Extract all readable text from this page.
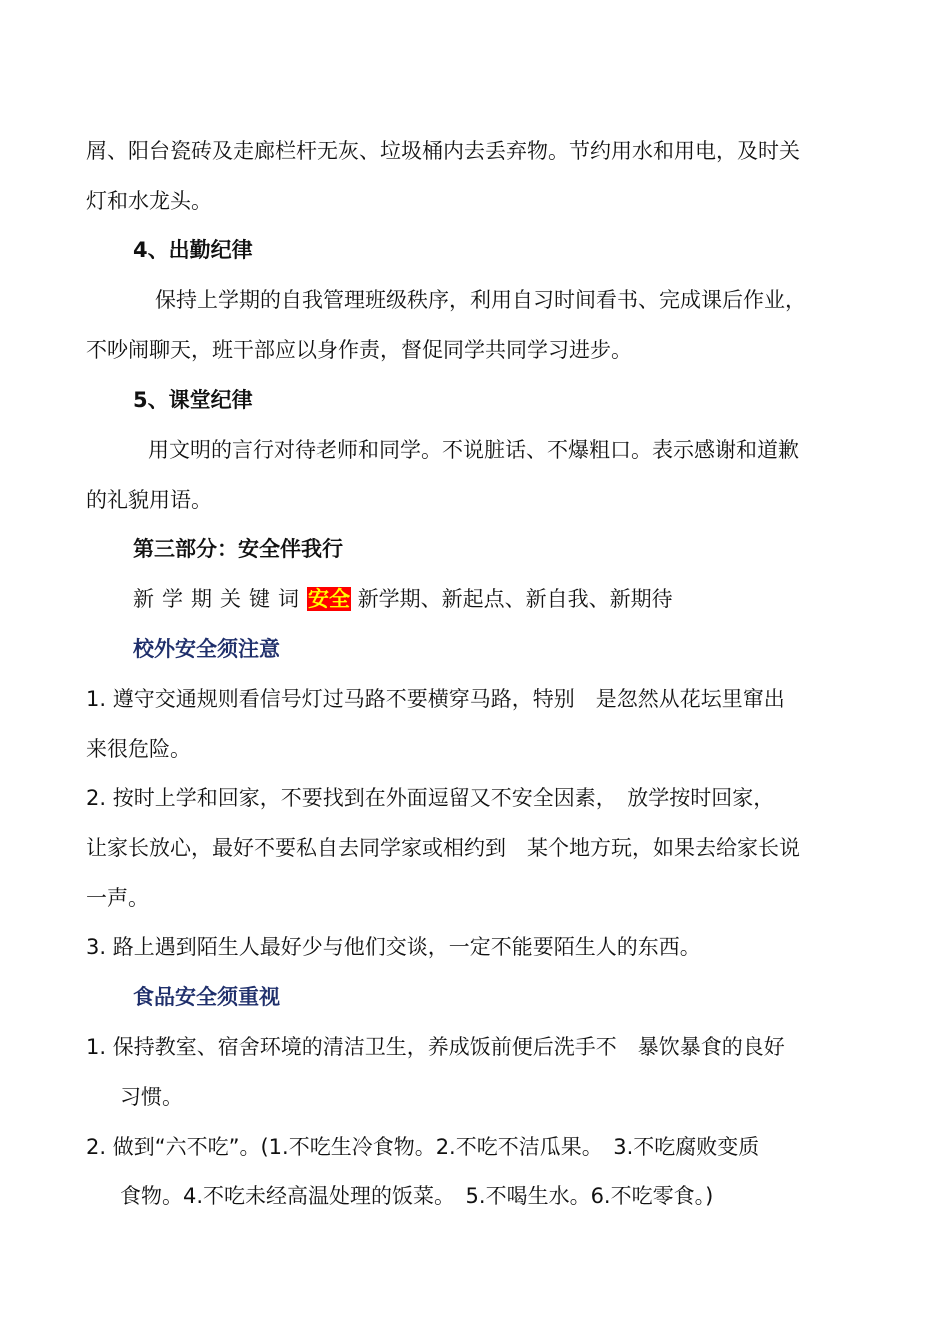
屑、阳台瓷砖及走廊栏杆无灰、垃圾桶内去丢弃物。节约用水和用电，及时关
灯和水龙头。
4、出勤纪律
保持上学期的自我管理班级秩序，利用自习时间看书、完成课后作业，
不吵闹聊天，班干部应以身作责，督促同学共同学习进步。
5、课堂纪律
用文明的言行对待老师和同学。不说脏话、不爆粗口。表示感谢和道歉
的礼貌用语。
第三部分：安全伴我行
新学期关键词安全 新学期、新起点、新自我、新期待
校外安全须注意
1. 遵守交通规则看信号灯过马路不要横穿马路，特别　是忽然从花坛里窜出
来很危险。
2. 按时上学和回家，不要找到在外面逗留又不安全因素，　放学按时回家，
让家长放心，最好不要私自去同学家或相约到　某个地方玩，如果去给家长说
一声。
3. 路上遇到陌生人最好少与他们交谈，一定不能要陌生人的东西。
食品安全须重视
1. 保持教室、宿舍环境的清洁卫生，养成饭前便后洗手不　暴饮暴食的良好
习惯。
2. 做到“六不吃”。(1.不吃生冷食物。2.不吃不洁瓜果。　3.不吃腐败变质
食物。4.不吃未经高温处理的饭菜。　5.不喝生水。6.不吃零食。)
